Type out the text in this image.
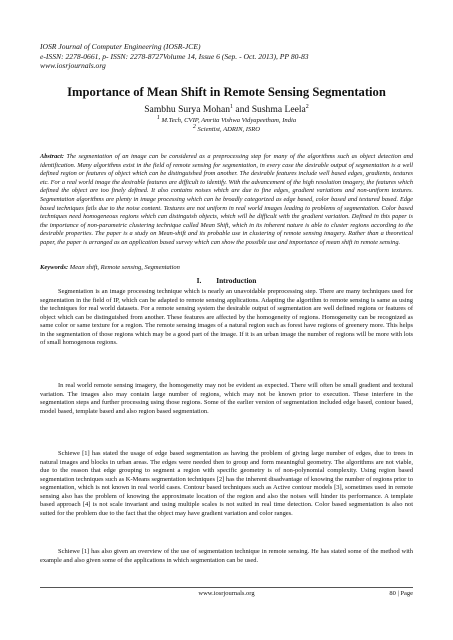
IOSR Journal of Computer Engineering (IOSR-JCE)
e-ISSN: 2278-0661, p- ISSN: 2278-8727Volume 14, Issue 6 (Sep. - Oct. 2013), PP 80-83
www.iosrjournals.org
Importance of Mean Shift in Remote Sensing Segmentation
Sambhu Surya Mohan$^1$ and Sushma Leela$^2$
$^1$ M.Tech, CVIP, Amrita Vishwa Vidyapeetham, India
$^2$ Scientist, ADRIN, ISRO
Abstract: The segmentation of an image can be considered as a preprocessing step for many of the algorithms such as object detection and identification. Many algorithms exist in the field of remote sensing for segmentation, in every case the desirable output of segmentation is a well defined region or features of object which can be distinguished from another. The desirable features include well based edges, gradients, textures etc. For a real world image the desirable features are difficult to identify. With the advancement of the high resolution imagery, the features which defined the object are too finely defined. It also contains noises which are due to fine edges, gradient variations and non-uniform textures. Segmentation algorithms are plenty in image processing which can be broadly categorized as edge based, color based and textured based. Edge based techniques fails due to the noise content. Textures are not uniform in real world images leading to problems of segmentation. Color based techniques need homogeneous regions which can distinguish objects, which will be difficult with the gradient variation. Defined in this paper is the importance of non-parametric clustering technique called Mean Shift, which in its inherent nature is able to cluster regions according to the desirable properties. The paper is a study on Mean-shift and its probable use in clustering of remote sensing imagery. Rather than a theoretical paper, the paper is arranged as an application based survey which can show the possible use and importance of mean shift in remote sensing.
Keywords: Mean shift, Remote sensing, Segmentation
I. Introduction

Segmentation is an image processing technique which is nearly an unavoidable preprocessing step. There are many techniques used for segmentation in the field of IP, which can be adapted to remote sensing applications. Adapting the algorithm to remote sensing is same as using the techniques for real world datasets. For a remote sensing system the desirable output of segmentation are well defined regions or features of object which can be distinguished from another. These features are affected by the homogeneity of regions. Homogeneity can be recognized as same color or same texture for a region. The remote sensing images of a natural region such as forest have regions of greenery more. This helps in the segmentation of those regions which may be a good part of the image. If it is an urban image the number of regions will be more with lots of small homogenous regions.

In real world remote sensing imagery, the homogeneity may not be evident as expected. There will often be small gradient and textural variation. The images also may contain large number of regions, which may not be known prior to execution. These interfere in the segmentation steps and further processing using those regions. Some of the earlier version of segmentation included edge based, contour based, model based, template based and also region based segmentation.

Schiewe [1] has stated the usage of edge based segmentation as having the problem of giving large number of edges, due to trees in natural images and blocks in urban areas. The edges were needed then to group and form meaningful geometry. The algorithms are not viable, due to the reason that edge grouping to segment a region with specific geometry is of non-polynomial complexity. Using region based segmentation techniques such as K-Means segmentation techniques [2] has the inherent disadvantage of knowing the number of regions prior to segmentation, which is not known in real world cases. Contour based techniques such as Active contour models [3], sometimes used in remote sensing also has the problem of knowing the approximate location of the region and also the noises will hinder its performance. A template based approach [4] is not scale invariant and using multiple scales is not suited in real time detection. Color based segmentation is also not suited for the problem due to the fact that the object may have gradient variation and color ranges.

Schiewe [1] has also given an overview of the use of segmentation technique in remote sensing. He has stated some of the method with example and also given some of the applications in which segmentation can be used.

www.iosrjournals.org	80 | Page
